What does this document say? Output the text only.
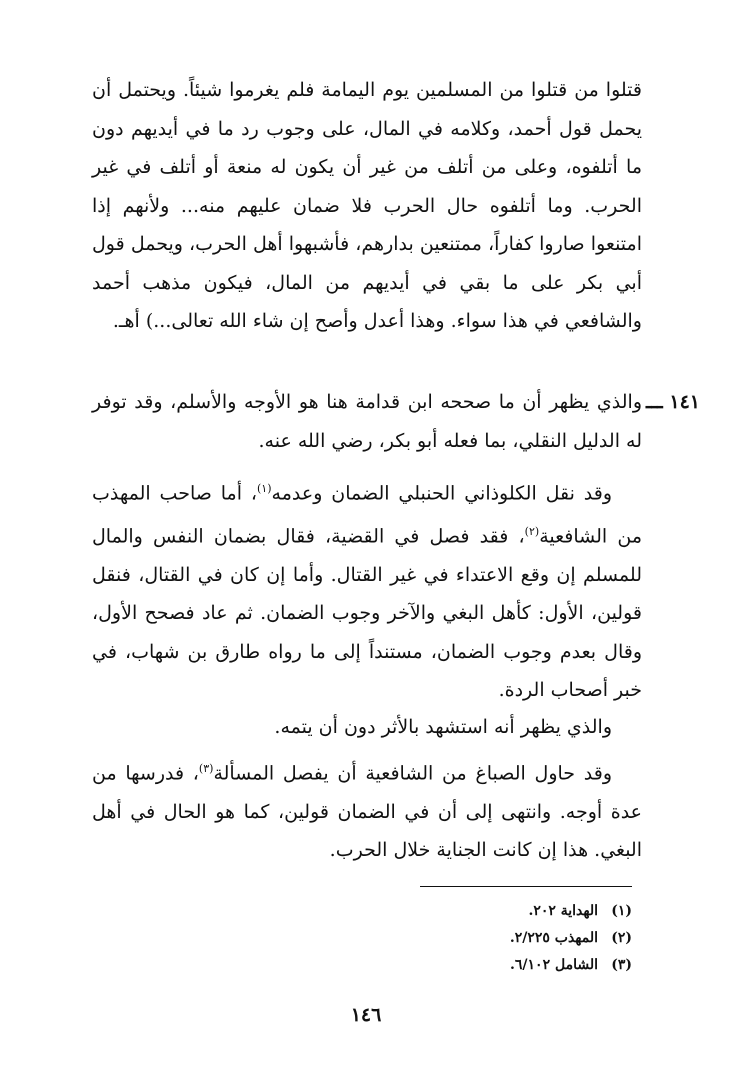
قتلوا من قتلوا من المسلمين يوم اليمامة فلم يغرموا شيئاً. ويحتمل أن يحمل قول أحمد، وكلامه في المال، على وجوب رد ما في أيديهم دون ما أتلفوه، وعلى من أتلف من غير أن يكون له منعة أو أتلف في غير الحرب. وما أتلفوه حال الحرب فلا ضمان عليهم منه... ولأنهم إذا امتنعوا صاروا كفاراً، ممتنعين بدارهم، فأشبهوا أهل الحرب، ويحمل قول أبي بكر على ما بقي في أيديهم من المال، فيكون مذهب أحمد والشافعي في هذا سواء. وهذا أعدل وأصح إن شاء الله تعالى...) أهـ.

١٤١ ـــ

والذي يظهر أن ما صححه ابن قدامة هنا هو الأوجه والأسلم، وقد توفر له الدليل النقلي، بما فعله أبو بكر، رضي الله عنه.

وقد نقل الكلوذاني الحنبلي الضمان وعدمه$^{(١)}$، أما صاحب المهذب من الشافعية$^{(٢)}$، فقد فصل في القضية، فقال بضمان النفس والمال للمسلم إن وقع الاعتداء في غير القتال. وأما إن كان في القتال، فنقل قولين، الأول: كأهل البغي والآخر وجوب الضمان. ثم عاد فصحح الأول، وقال بعدم وجوب الضمان، مستنداً إلى ما رواه طارق بن شهاب، في خبر أصحاب الردة.

والذي يظهر أنه استشهد بالأثر دون أن يتمه.

وقد حاول الصباغ من الشافعية أن يفصل المسألة$^{(٣)}$، فدرسها من عدة أوجه. وانتهى إلى أن في الضمان قولين، كما هو الحال في أهل البغي. هذا إن كانت الجناية خلال الحرب.

(١)الهداية ٢٠٢.
(٢)المهذب ٢/٢٢٥.
(٣)الشامل ٦/١٠٢.
١٤٦
